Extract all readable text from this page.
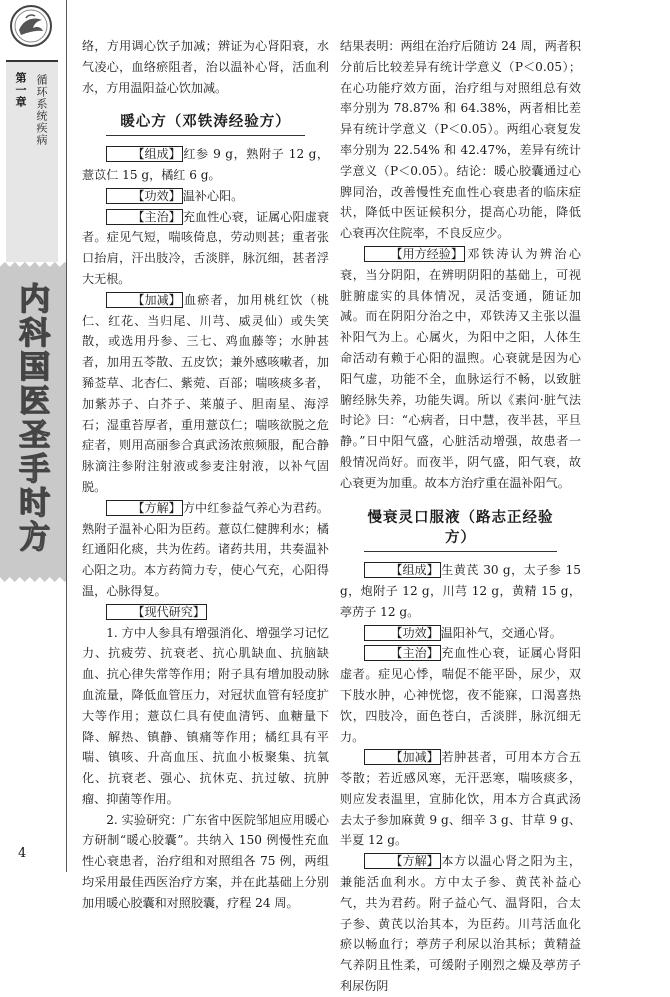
第一章 循环系统疾病
内科国医圣手时方
4

络，方用调心饮子加减；辨证为心肾阳衰，水气凌心，血络瘀阻者，治以温补心肾，活血利水，方用温阳益心饮加减。

暖心方（邓铁涛经验方）

【组成】 红参 9 g，熟附子 12 g，薏苡仁 15 g，橘红 6 g。

【功效】 温补心阳。

【主治】 充血性心衰，证属心阳虚衰者。症见气短，喘咳倚息，劳动则甚；重者张口抬肩，汗出肢冷，舌淡胖，脉沉细，甚者浮大无根。

【加减】 血瘀者，加用桃红饮（桃仁、红花、当归尾、川芎、威灵仙）或失笑散，或选用丹参、三七、鸡血藤等；水肿甚者，加用五苓散、五皮饮；兼外感咳嗽者，加豨莶草、北杏仁、紫菀、百部；喘咳痰多者，加紫苏子、白芥子、莱菔子、胆南星、海浮石；湿重苔厚者，重用薏苡仁；喘咳欲脱之危症者，则用高丽参合真武汤浓煎频服，配合静脉滴注参附注射液或参麦注射液，以补气固脱。

【方解】 方中红参益气养心为君药。熟附子温补心阳为臣药。薏苡仁健脾利水；橘红通阳化痰，共为佐药。诸药共用，共奏温补心阳之功。本方药简力专，使心气充，心阳得温，心脉得复。

【现代研究】

1. 方中人参具有增强消化、增强学习记忆力、抗疲劳、抗衰老、抗心肌缺血、抗脑缺血、抗心律失常等作用；附子具有增加股动脉血流量，降低血管压力，对冠状血管有轻度扩大等作用；薏苡仁具有使血清钙、血糖量下降、解热、镇静、镇痛等作用；橘红具有平喘、镇咳、升高血压、抗血小板聚集、抗氧化、抗衰老、强心、抗休克、抗过敏、抗肿瘤、抑菌等作用。

2. 实验研究：广东省中医院邹旭应用暖心方研制“暖心胶囊”。共纳入 150 例慢性充血性心衰患者，治疗组和对照组各 75 例，两组均采用最佳西医治疗方案，并在此基础上分别加用暖心胶囊和对照胶囊，疗程 24 周。

结果表明：两组在治疗后随访 24 周，两者积分前后比较差异有统计学意义（P＜0.05）；在心功能疗效方面，治疗组与对照组总有效率分别为 78.87% 和 64.38%，两者相比差异有统计学意义（P＜0.05）。两组心衰复发率分别为 22.54% 和 42.47%，差异有统计学意义（P＜0.05）。结论：暖心胶囊通过心脾同治，改善慢性充血性心衰患者的临床症状，降低中医证候积分，提高心功能，降低心衰再次住院率，不良反应少。

【用方经验】 邓铁涛认为辨治心衰，当分阴阳，在辨明阴阳的基础上，可视脏腑虚实的具体情况，灵活变通，随证加减。而在阴阳分治之中，邓铁涛又主张以温补阳气为上。心属火，为阳中之阳，人体生命活动有赖于心阳的温煦。心衰就是因为心阳气虚，功能不全，血脉运行不畅，以致脏腑经脉失养，功能失调。所以《素问·脏气法时论》曰：“心病者，日中慧，夜半甚，平旦静。”日中阳气盛，心脏活动增强，故患者一般情况尚好。而夜半，阴气盛，阳气衰，故心衰更为加重。故本方治疗重在温补阳气。

慢衰灵口服液（路志正经验方）

【组成】 生黄芪 30 g，太子参 15 g，炮附子 12 g，川芎 12 g，黄精 15 g，葶苈子 12 g。

【功效】 温阳补气，交通心肾。

【主治】 充血性心衰，证属心肾阳虚者。症见心悸，喘促不能平卧，尿少，双下肢水肿，心神恍惚，夜不能寐，口渴喜热饮，四肢冷，面色苍白，舌淡胖，脉沉细无力。

【加减】 若肿甚者，可用本方合五苓散；若近感风寒，无汗恶寒，喘咳痰多，则应发表温里，宣肺化饮，用本方合真武汤去太子参加麻黄 9 g、细辛 3 g、甘草 9 g、半夏 12 g。

【方解】 本方以温心肾之阳为主，兼能活血利水。方中太子参、黄芪补益心气，共为君药。附子益心气、温肾阳，合太子参、黄芪以治其本，为臣药。川芎活血化瘀以畅血行；葶苈子利尿以治其标；黄精益气养阴且性柔，可缓附子刚烈之燥及葶苈子利尿伤阴
